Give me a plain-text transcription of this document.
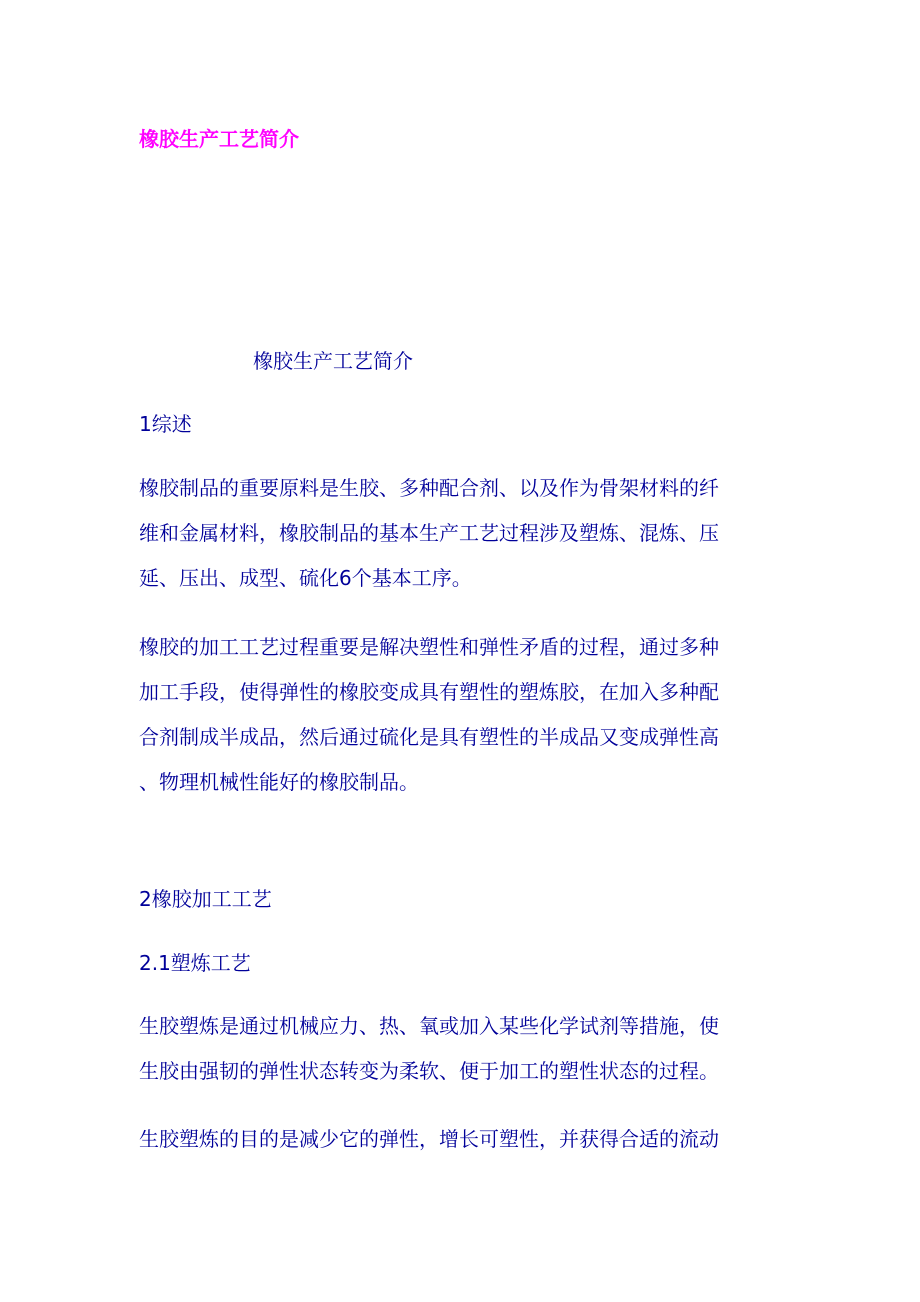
橡胶生产工艺简介
橡胶生产工艺简介
1综述
橡胶制品的重要原料是生胶、多种配合剂、以及作为骨架材料的纤
维和金属材料，橡胶制品的基本生产工艺过程涉及塑炼、混炼、压
延、压出、成型、硫化6个基本工序。
橡胶的加工工艺过程重要是解决塑性和弹性矛盾的过程，通过多种
加工手段，使得弹性的橡胶变成具有塑性的塑炼胶，在加入多种配
合剂制成半成品，然后通过硫化是具有塑性的半成品又变成弹性高
、物理机械性能好的橡胶制品。
2橡胶加工工艺
2.1塑炼工艺
生胶塑炼是通过机械应力、热、氧或加入某些化学试剂等措施，使
生胶由强韧的弹性状态转变为柔软、便于加工的塑性状态的过程。
生胶塑炼的目的是减少它的弹性，增长可塑性，并获得合适的流动
